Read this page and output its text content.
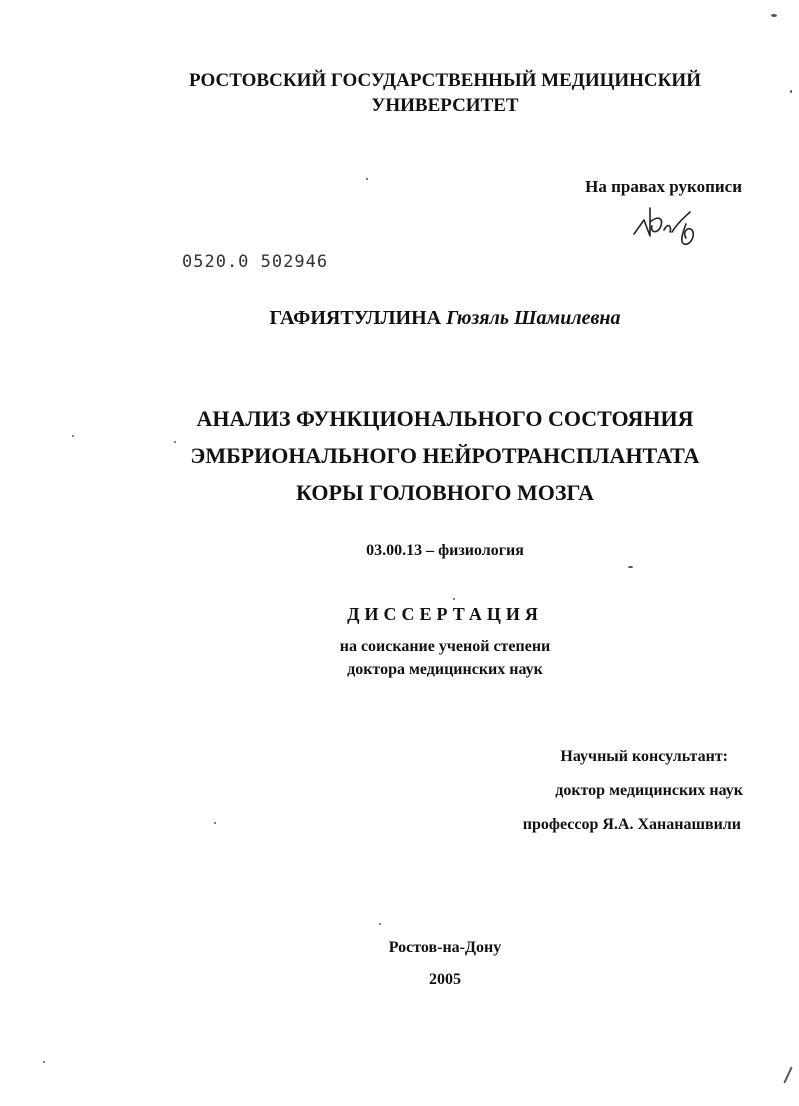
РОСТОВСКИЙ ГОСУДАРСТВЕННЫЙ МЕДИЦИНСКИЙ
УНИВЕРСИТЕТ
На правах рукописи
0520.0 502946
ГАФИЯТУЛЛИНА Гюзяль Шамилевна
АНАЛИЗ ФУНКЦИОНАЛЬНОГО СОСТОЯНИЯ
ЭМБРИОНАЛЬНОГО НЕЙРОТРАНСПЛАНТАТА
КОРЫ ГОЛОВНОГО МОЗГА
03.00.13 – физиология
ДИССЕРТАЦИЯ
на соискание ученой степени
доктора медицинских наук
Научный консультант:
доктор медицинских наук
профессор Я.А. Хананашвили
Ростов-на-Дону
2005
